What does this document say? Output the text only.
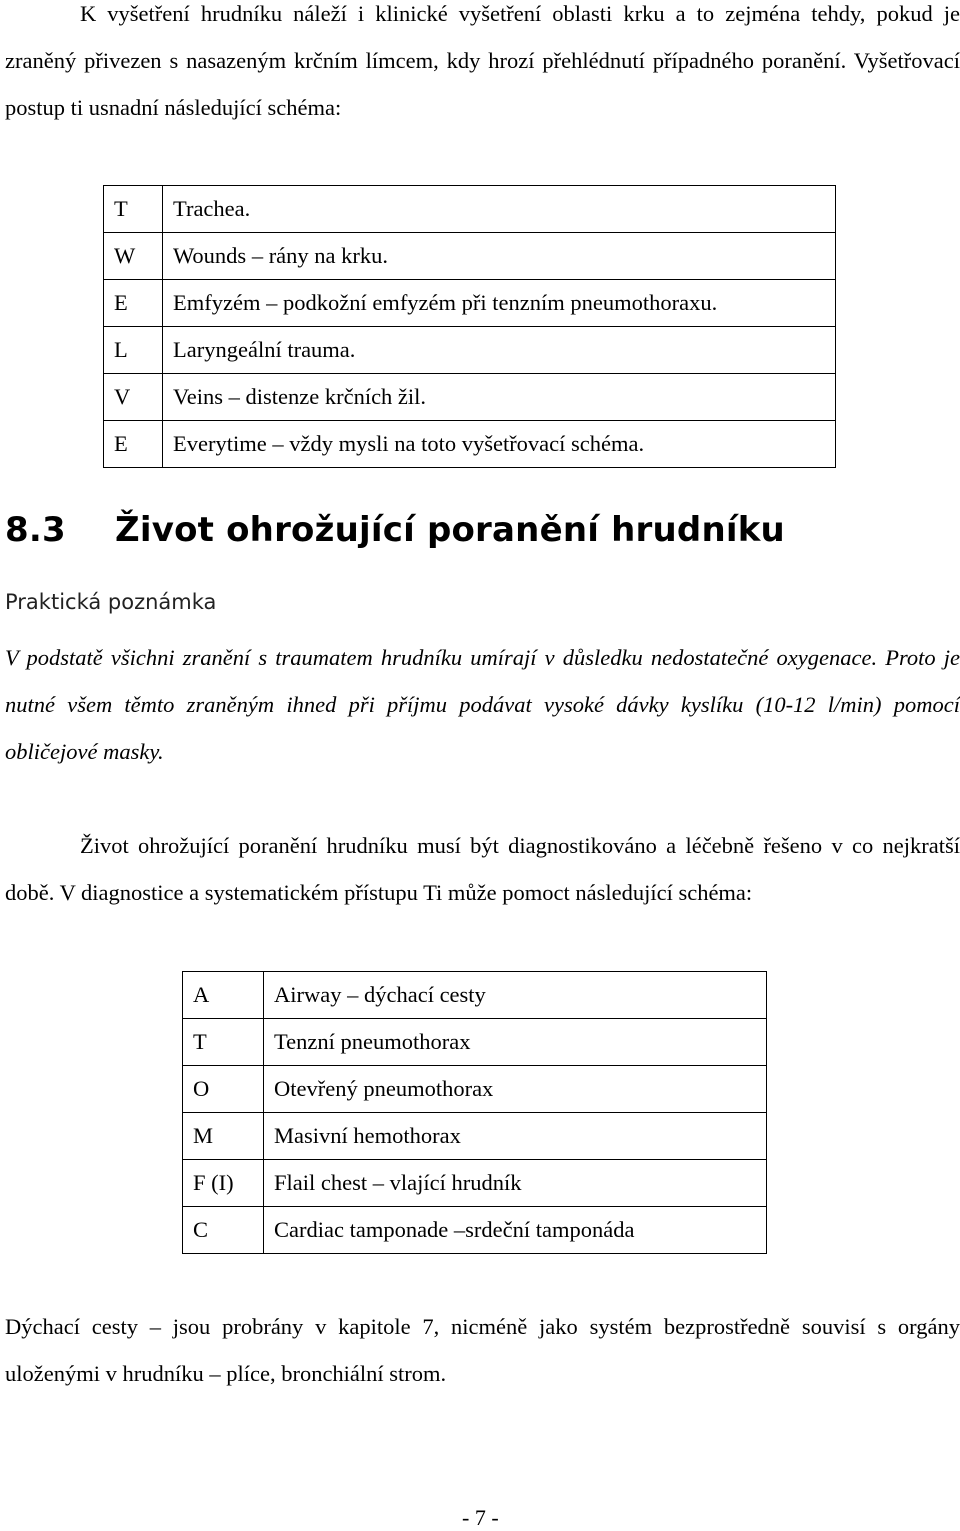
K vyšetření hrudníku náleží i klinické vyšetření oblasti krku a to zejména tehdy, pokud je zraněný přivezen s nasazeným krčním límcem, kdy hrozí přehlédnutí případného poranění. Vyšetřovací postup ti usnadní následující schéma:

T	Trachea.
W	Wounds – rány na krku.
E	Emfyzém – podkožní emfyzém při tenzním pneumothoraxu.
L	Laryngeální trauma.
V	Veins – distenze krčních žil.
E	Everytime – vždy mysli na toto vyšetřovací schéma.
8.3 Život ohrožující poranění hrudníku

Praktická poznámka

V podstatě všichni zranění s traumatem hrudníku umírají v důsledku nedostatečné oxygenace. Proto je nutné všem těmto zraněným ihned při příjmu podávat vysoké dávky kyslíku (10-12 l/min) pomocí obličejové masky.

Život ohrožující poranění hrudníku musí být diagnostikováno a léčebně řešeno v co nejkratší době. V diagnostice a systematickém přístupu Ti může pomoct následující schéma:

A	Airway – dýchací cesty
T	Tenzní pneumothorax
O	Otevřený pneumothorax
M	Masivní hemothorax
F (I)	Flail chest – vlající hrudník
C	Cardiac tamponade –srdeční tamponáda

Dýchací cesty – jsou probrány v kapitole 7, nicméně jako systém bezprostředně souvisí s orgány uloženými v hrudníku – plíce, bronchiální strom.

- 7 -
